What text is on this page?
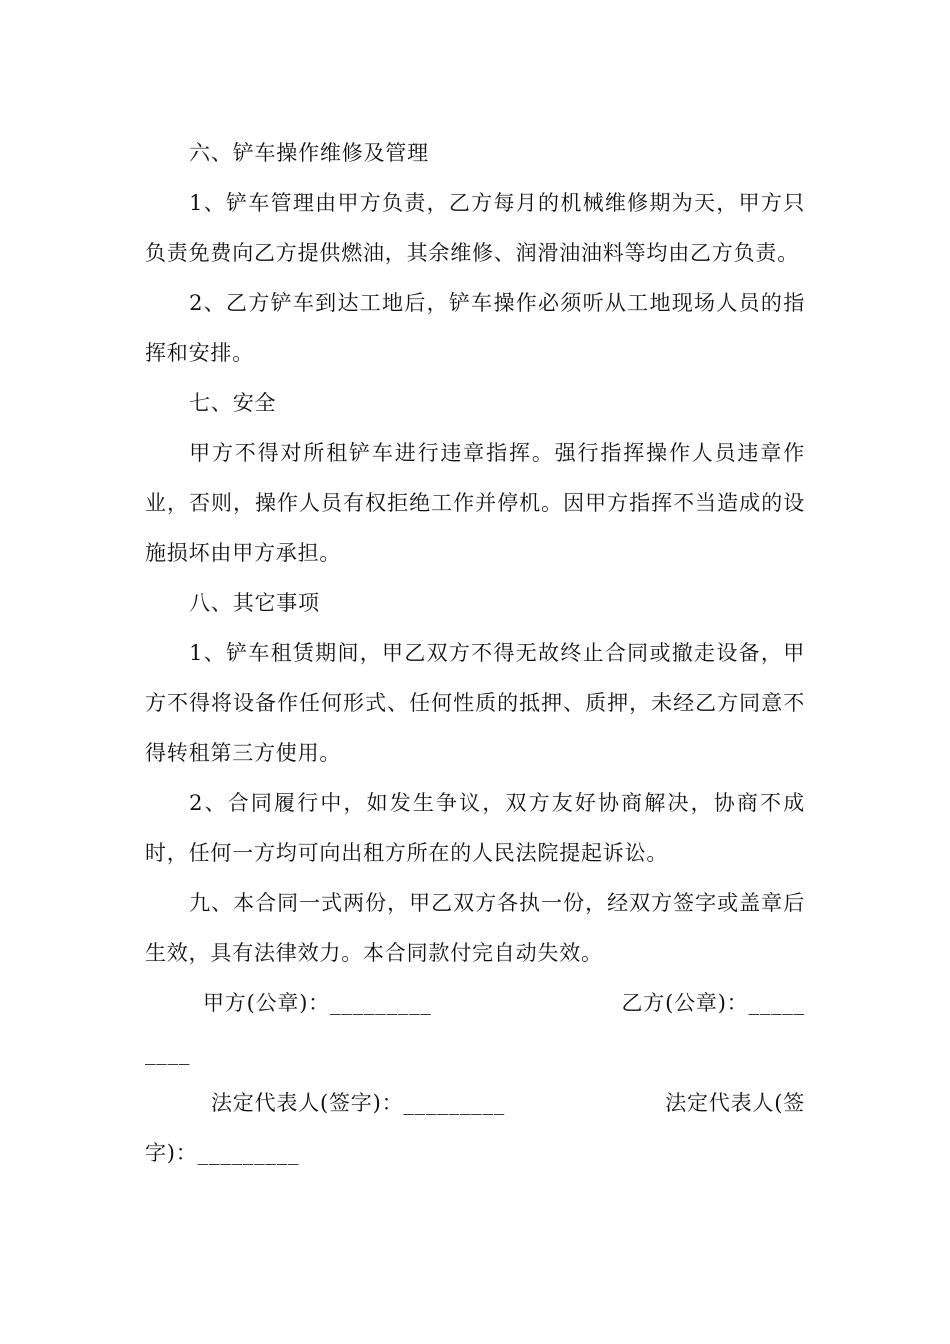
六、铲车操作维修及管理

1、铲车管理由甲方负责，乙方每月的机械维修期为天，甲方只负责免费向乙方提供燃油，其余维修、润滑油油料等均由乙方负责。

2、乙方铲车到达工地后，铲车操作必须听从工地现场人员的指挥和安排。

七、安全

甲方不得对所租铲车进行违章指挥。强行指挥操作人员违章作业，否则，操作人员有权拒绝工作并停机。因甲方指挥不当造成的设施损坏由甲方承担。

八、其它事项

1、铲车租赁期间，甲乙双方不得无故终止合同或撤走设备，甲方不得将设备作任何形式、任何性质的抵押、质押，未经乙方同意不得转租第三方使用。

2、合同履行中，如发生争议，双方友好协商解决，协商不成时，任何一方均可向出租方所在的人民法院提起诉讼。

九、本合同一式两份，甲乙双方各执一份，经双方签字或盖章后生效，具有法律效力。本合同款付完自动失效。

甲方(公章)：_________	乙方(公章)：_____
____
法定代表人(签字)：_________	法定代表人(签
字)：_________
